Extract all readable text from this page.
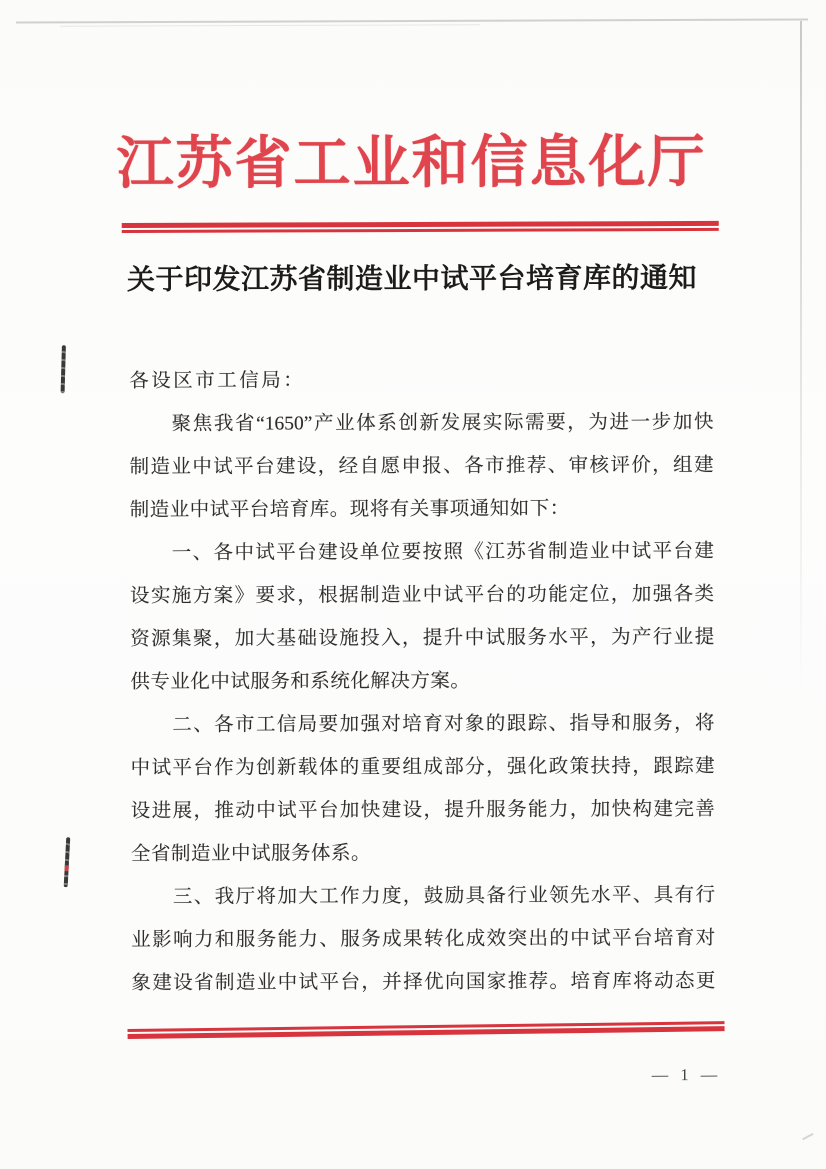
江苏省工业和信息化厅
关于印发江苏省制造业中试平台培育库的通知
各设区市工信局：
　　聚焦我省“1650”产业体系创新发展实际需要，为进一步加快
制造业中试平台建设，经自愿申报、各市推荐、审核评价，组建
制造业中试平台培育库。现将有关事项通知如下：
　　一、各中试平台建设单位要按照《江苏省制造业中试平台建
设实施方案》要求，根据制造业中试平台的功能定位，加强各类
资源集聚，加大基础设施投入，提升中试服务水平，为产行业提
供专业化中试服务和系统化解决方案。
　　二、各市工信局要加强对培育对象的跟踪、指导和服务，将
中试平台作为创新载体的重要组成部分，强化政策扶持，跟踪建
设进展，推动中试平台加快建设，提升服务能力，加快构建完善
全省制造业中试服务体系。
　　三、我厅将加大工作力度，鼓励具备行业领先水平、具有行
业影响力和服务能力、服务成果转化成效突出的中试平台培育对
象建设省制造业中试平台，并择优向国家推荐。培育库将动态更
— 1 —
